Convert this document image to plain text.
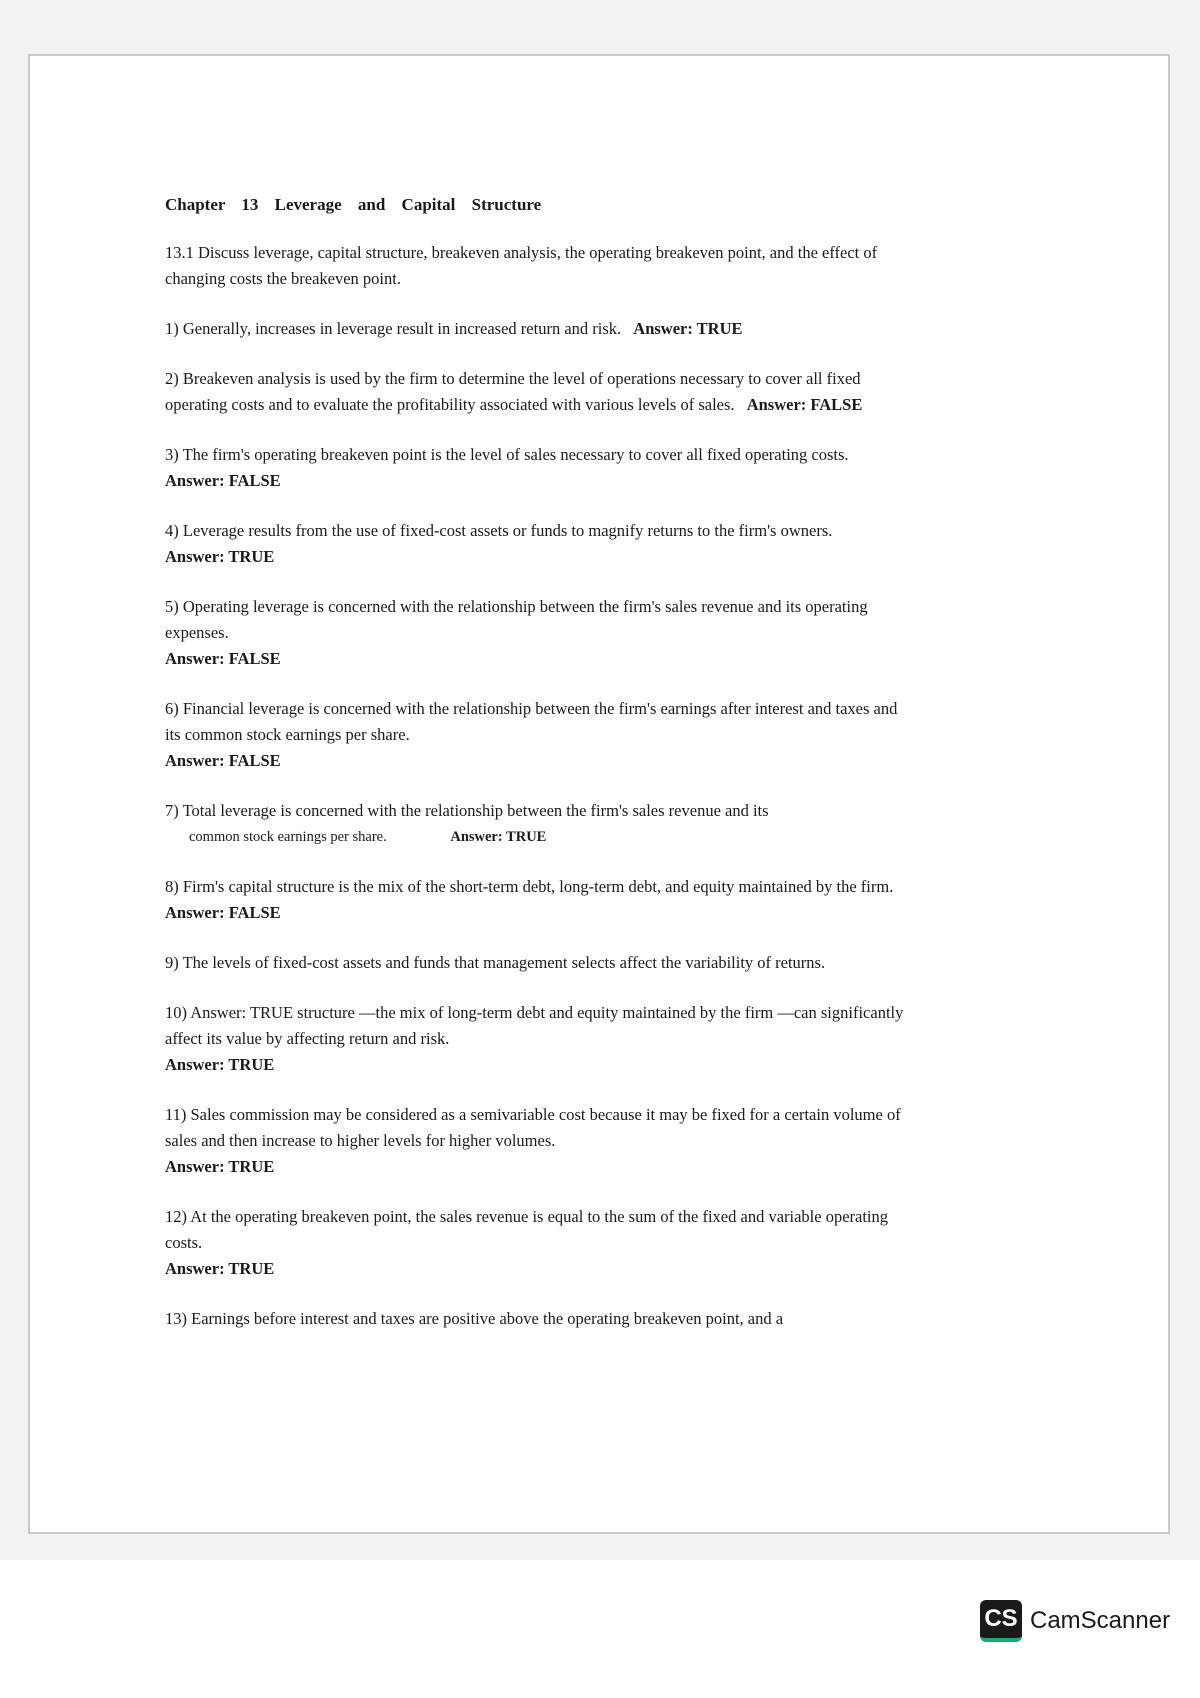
Chapter 13 Leverage and Capital Structure
13.1 Discuss leverage, capital structure, breakeven analysis, the operating breakeven point, and the effect of changing costs the breakeven point.

1) Generally, increases in leverage result in increased return and risk. Answer: TRUE

2) Breakeven analysis is used by the firm to determine the level of operations necessary to cover all fixed operating costs and to evaluate the profitability associated with various levels of sales. Answer: FALSE

3) The firm's operating breakeven point is the level of sales necessary to cover all fixed operating costs.

Answer: FALSE

4) Leverage results from the use of fixed-cost assets or funds to magnify returns to the firm's owners.

Answer: TRUE

5) Operating leverage is concerned with the relationship between the firm's sales revenue and its operating expenses.

Answer: FALSE

6) Financial leverage is concerned with the relationship between the firm's earnings after interest and taxes and its common stock earnings per share.

Answer: FALSE

7) Total leverage is concerned with the relationship between the firm's sales revenue and its

common stock earnings per share.	Answer: TRUE

8) Firm's capital structure is the mix of the short-term debt, long-term debt, and equity maintained by the firm.

Answer: FALSE

9) The levels of fixed-cost assets and funds that management selects affect the variability of returns.

10) Answer: TRUE structure —the mix of long-term debt and equity maintained by the firm —can significantly affect its value by affecting return and risk.

Answer: TRUE

11) Sales commission may be considered as a semivariable cost because it may be fixed for a certain volume of sales and then increase to higher levels for higher volumes.

Answer: TRUE

12) At the operating breakeven point, the sales revenue is equal to the sum of the fixed and variable operating costs.

Answer: TRUE

13) Earnings before interest and taxes are positive above the operating breakeven point, and a

CS CamScanner
